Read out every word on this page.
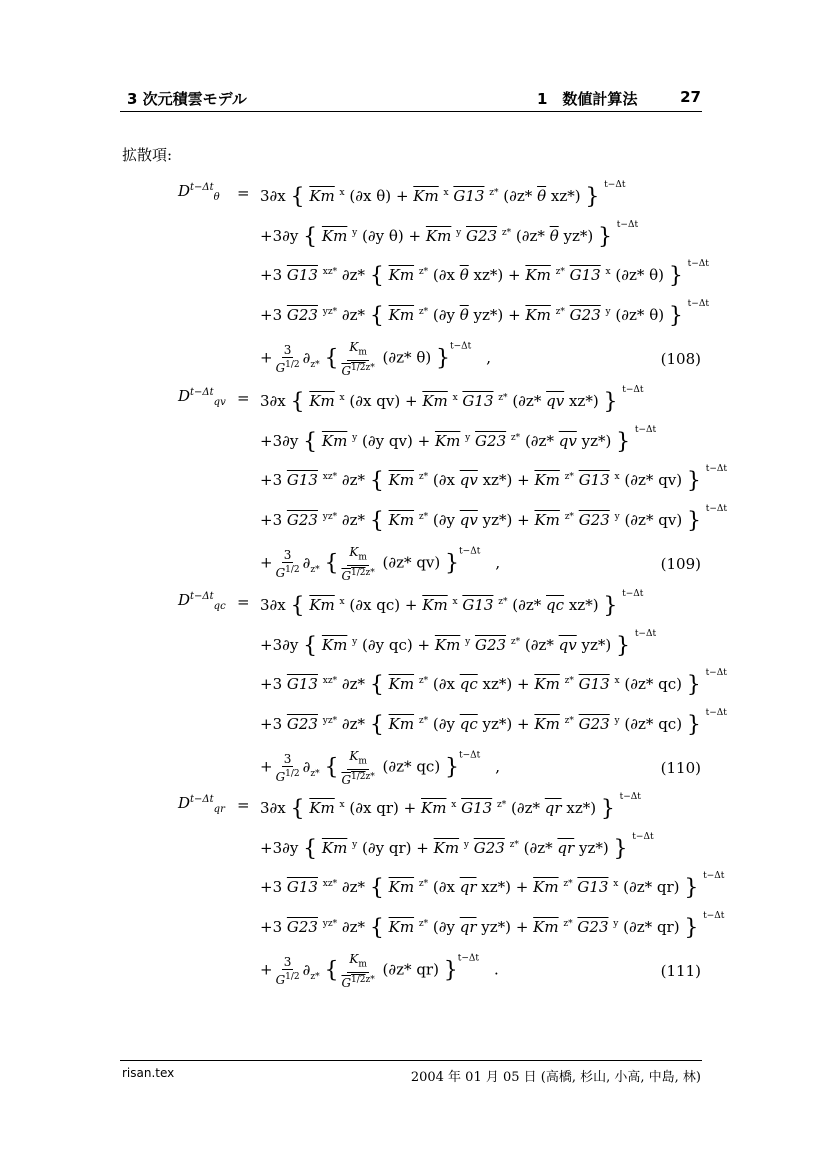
3 次元積雲モデル	1　数値計算法	27
拡散項:
$D^{t-\Delta t}_\theta = 3\partial x$ { $\overline{Km}$ $^x$ (∂x $\theta) + \overline{Km}$ $^x$ G13 $^{z*}$ (∂z* $\overline{\theta}$ xz*) } $^{t-\Delta t}$
+3∂y { $\overline{Km}$ $^y$ (∂y $\theta) + \overline{Km}$ $^y$ G23 $^{z*}$ (∂z* $\overline{\theta}$ yz*) } $^{t-\Delta t}$
+3 G13 $^{xz*}$ ∂z* { $\overline{Km}$ $^{z*}$ (∂x $\overline{\theta}$ $xz*) + \overline{Km}$ $^{z*}$ G13 $^x$ (∂z* θ) } $^{t-\Delta t}$
+3 G23 $^{yz*}$ ∂z* { $\overline{Km}$ $^{z*}$ (∂y $\overline{\theta}$ $yz*) + \overline{Km}$ $^{z*}$ G23 $^y$ (∂z* θ) } $^{t-\Delta t}$
+ $\frac{3}{G^{1/2}} \partial_{z*}$ { $\frac{K_m}{G^{1/2z*}} (\partial z*$ θ) }$^{t-\Delta t}$ ,	(108)
$D^{t-\Delta t}_{qv} = 3\partial x$ { $\overline{Km}$ $^x$ (∂x $qv) + \overline{Km}$ $^x$ G13 $^{z*}$ (∂z* $\overline{qv}$ xz*) } $^{t-\Delta t}$
+3∂y { $\overline{Km}$ $^y$ (∂y $qv) + \overline{Km}$ $^y$ G23 $^{z*}$ (∂z* $\overline{qv}$ yz*) } $^{t-\Delta t}$
+3 G13 $^{xz*}$ ∂z* { $\overline{Km}$ $^{z*}$ (∂x $\overline{qv}$ $xz*) + \overline{Km}$ $^{z*}$ G13 $^x$ (∂z* qv) } $^{t-\Delta t}$
+3 G23 $^{yz*}$ ∂z* { $\overline{Km}$ $^{z*}$ (∂y $\overline{qv}$ $yz*) + \overline{Km}$ $^{z*}$ G23 $^y$ (∂z* qv) } $^{t-\Delta t}$
+ $\frac{3}{G^{1/2}} \partial_{z*}$ { $\frac{K_m}{G^{1/2z*}} (\partial z*$ qv) }$^{t-\Delta t}$ ,	(109)
$D^{t-\Delta t}_{qc} = 3\partial x$ { $\overline{Km}$ $^x$ (∂x $qc) + \overline{Km}$ $^x$ G13 $^{z*}$ (∂z* $\overline{qc}$ xz*) } $^{t-\Delta t}$
+3∂y { $\overline{Km}$ $^y$ (∂y $qc) + \overline{Km}$ $^y$ G23 $^{z*}$ (∂z* $\overline{qv}$ yz*) } $^{t-\Delta t}$
+3 G13 $^{xz*}$ ∂z* { $\overline{Km}$ $^{z*}$ (∂x $\overline{qc}$ $xz*) + \overline{Km}$ $^{z*}$ G13 $^x$ (∂z* qc) } $^{t-\Delta t}$
+3 G23 $^{yz*}$ ∂z* { $\overline{Km}$ $^{z*}$ (∂y $\overline{qc}$ $yz*) + \overline{Km}$ $^{z*}$ G23 $^y$ (∂z* qc) } $^{t-\Delta t}$
+ $\frac{3}{G^{1/2}} \partial_{z*}$ { $\frac{K_m}{G^{1/2z*}} (\partial z*$ qc) }$^{t-\Delta t}$ ,	(110)
$D^{t-\Delta t}_{qr} = 3\partial x$ { $\overline{Km}$ $^x$ (∂x $qr) + \overline{Km}$ $^x$ G13 $^{z*}$ (∂z* $\overline{qr}$ xz*) } $^{t-\Delta t}$
+3∂y { $\overline{Km}$ $^y$ (∂y $qr) + \overline{Km}$ $^y$ G23 $^{z*}$ (∂z* $\overline{qr}$ yz*) } $^{t-\Delta t}$
+3 G13 $^{xz*}$ ∂z* { $\overline{Km}$ $^{z*}$ (∂x $\overline{qr}$ $xz*) + \overline{Km}$ $^{z*}$ G13 $^x$ (∂z* qr) } $^{t-\Delta t}$
+3 G23 $^{yz*}$ ∂z* { $\overline{Km}$ $^{z*}$ (∂y $\overline{qr}$ $yz*) + \overline{Km}$ $^{z*}$ G23 $^y$ (∂z* qr) } $^{t-\Delta t}$
+ $\frac{3}{G^{1/2}} \partial_{z*}$ { $\frac{K_m}{G^{1/2z*}} (\partial z*$ qr) }$^{t-\Delta t}$ .	(111)
risan.tex	2004 年 01 月 05 日 (高橋, 杉山, 小高, 中島, 林)
